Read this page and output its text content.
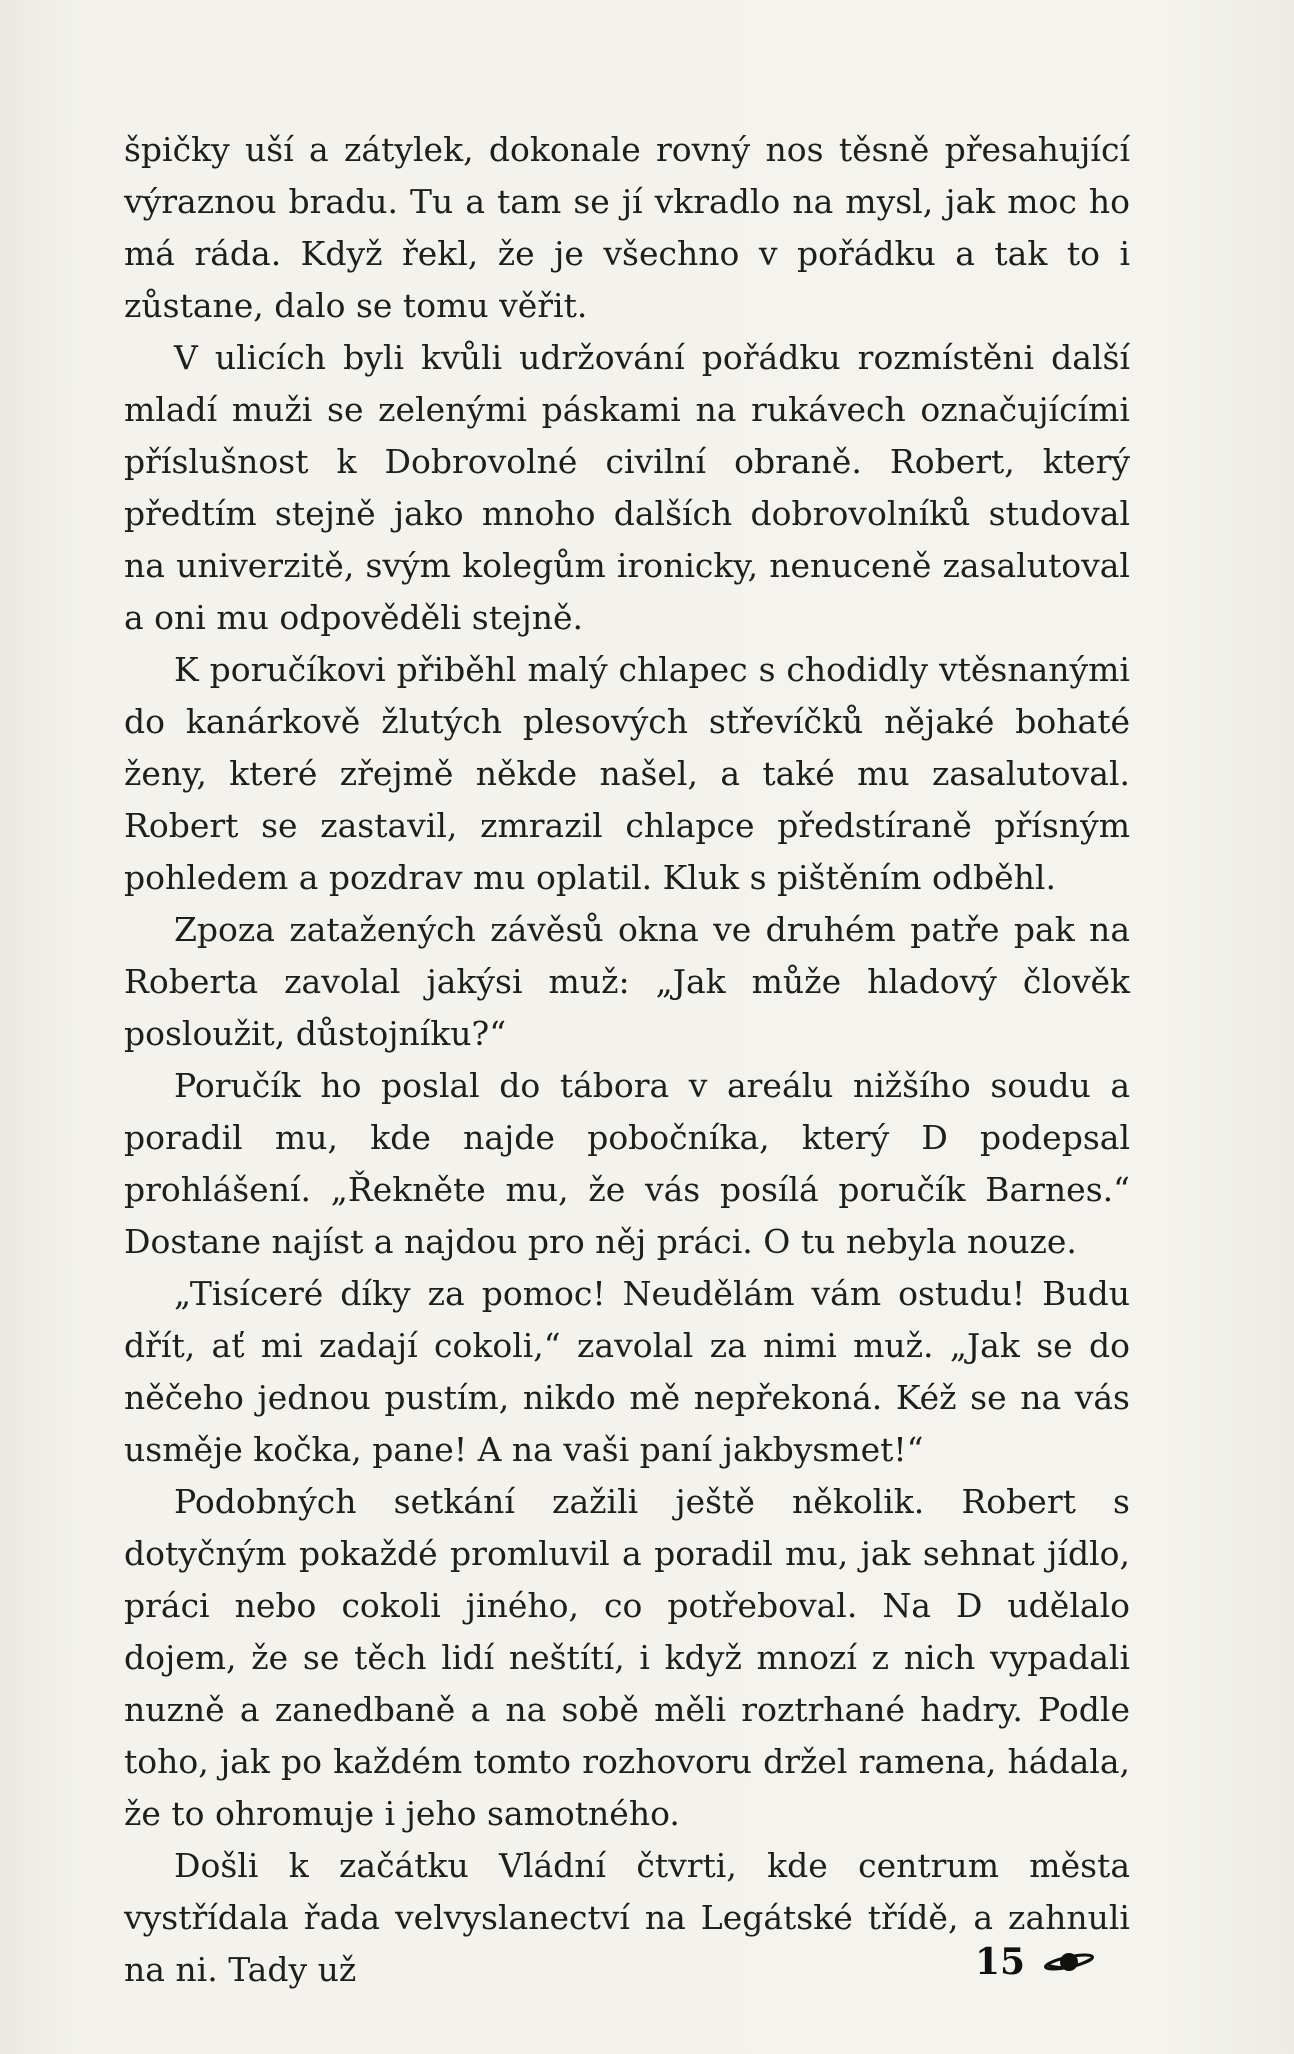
špičky uší a zátylek, dokonale rovný nos těsně přesahující výraznou bradu. Tu a tam se jí vkradlo na mysl, jak moc ho má ráda. Když řekl, že je všechno v pořádku a tak to i zůstane, dalo se tomu věřit.

V ulicích byli kvůli udržování pořádku rozmístěni další mladí muži se zelenými páskami na rukávech označujícími příslušnost k Dobrovolné civilní obraně. Robert, který předtím stejně jako mnoho dalších dobrovolníků studoval na univerzitě, svým kolegům ironicky, nenuceně zasalutoval a oni mu odpověděli stejně.

K poručíkovi přiběhl malý chlapec s chodidly vtěsnanými do kanárkově žlutých plesových střevíčků nějaké bohaté ženy, které zřejmě někde našel, a také mu zasalutoval. Robert se zastavil, zmrazil chlapce předstíraně přísným pohledem a pozdrav mu oplatil. Kluk s pištěním odběhl.

Zpoza zatažených závěsů okna ve druhém patře pak na Roberta zavolal jakýsi muž: „Jak může hladový člověk posloužit, důstojníku?“

Poručík ho poslal do tábora v areálu nižšího soudu a poradil mu, kde najde pobočníka, který D podepsal prohlášení. „Řekněte mu, že vás posílá poručík Barnes.“ Dostane najíst a najdou pro něj práci. O tu nebyla nouze.

„Tisíceré díky za pomoc! Neudělám vám ostudu! Budu dřít, ať mi zadají cokoli,“ zavolal za nimi muž. „Jak se do něčeho jednou pustím, nikdo mě nepřekoná. Kéž se na vás usměje kočka, pane! A na vaši paní jakbysmet!“

Podobných setkání zažili ještě několik. Robert s dotyčným pokaždé promluvil a poradil mu, jak sehnat jídlo, práci nebo cokoli jiného, co potřeboval. Na D udělalo dojem, že se těch lidí neštítí, i když mnozí z nich vypadali nuzně a zanedbaně a na sobě měli roztrhané hadry. Podle toho, jak po každém tomto rozhovoru držel ramena, hádala, že to ohromuje i jeho samotného.

Došli k začátku Vládní čtvrti, kde centrum města vystřídala řada velvyslanectví na Legátské třídě, a zahnuli na ni. Tady už	15
